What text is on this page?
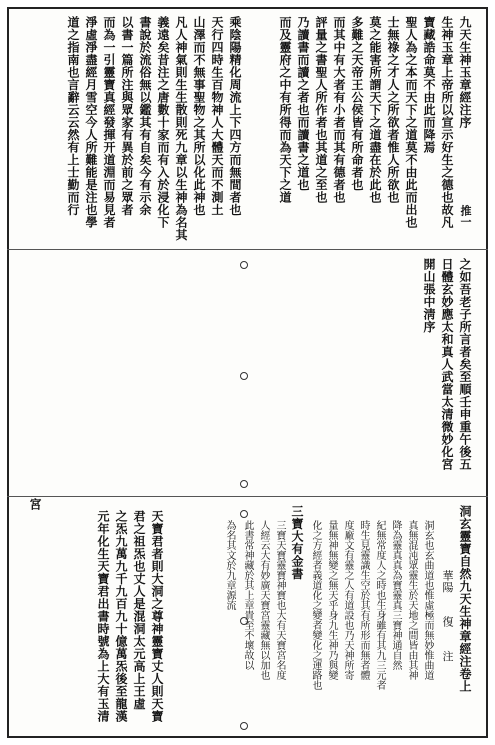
九天生神玉章經注序
推一
生神玉章上帝所以宣示好生之德也故凡
寶藏誥命莫不由此而降焉
聖人為之本而天下之道莫不由此而出也
士無祿之才人之所欲者惟人所欲也
莫之能害所謂天下之道盡在於此也
多難之天帝王公侯皆有所命者也
而其中有大者有小者而其有德者也
評量之書聖人所作者也其道之至也
乃讀書而讀之者也而讀書之道也
而及靈府之中有所得而為天下之道
乘陰陽精化周流上下四方而無間者也
天行四時生百物神人大體天而不測土
山澤而不無事聖物之其所以化此神也
凡人神氣則生生散則死九章以生神為名其
義遠矣昔注之唐數十家而有入於浸化下
書說於流俗無以鑑其有自矣今有示余
以書一篇所注與眾家有異於前之眾者
而為一引靈寶真經發揮开道淵而易見者
淨虛淨盡經月雪空今人所難能是注也學
道之指南也言辭云云然有上士勤而行
之如吾老子所言者矣至順壬申重午後五
日體玄妙應太和真人武當太清微妙化宮
開山張中淸序
洞玄靈寶自然九天生神章經注卷上
華陽　　復　　注
洞玄也玄曲道也惟虛極而無妙惟曲道
真無混沌眾靈生於天地之間皆由其神
降為靈真真為寶靈真三寶神通自然
紀無常度人之時也生身雖有其九三元者
時生見靈識生空於其有所形而無者體
度廠文有靈之人有道設也乃天神所寄
量無神無變之無天乎身九生神乃與變
化之方經者義道化之變者變化之運路也
三寶大有金書
三寶天寶靈寶神寶也大有天寶宮名度
人經云大有妙廣天寶宮靈藏無以加也
此書常神藏於其上章貴至不壞故以
為名其文於九章源流
天寶君者則大洞之尊神靈寶丈人則天寶
君之祖炁也丈人是混洞太元高上王虛
之炁九萬九千九百九十億萬炁後至龍漢
元年化生天寶君出書時號為上大有玉清
宮
